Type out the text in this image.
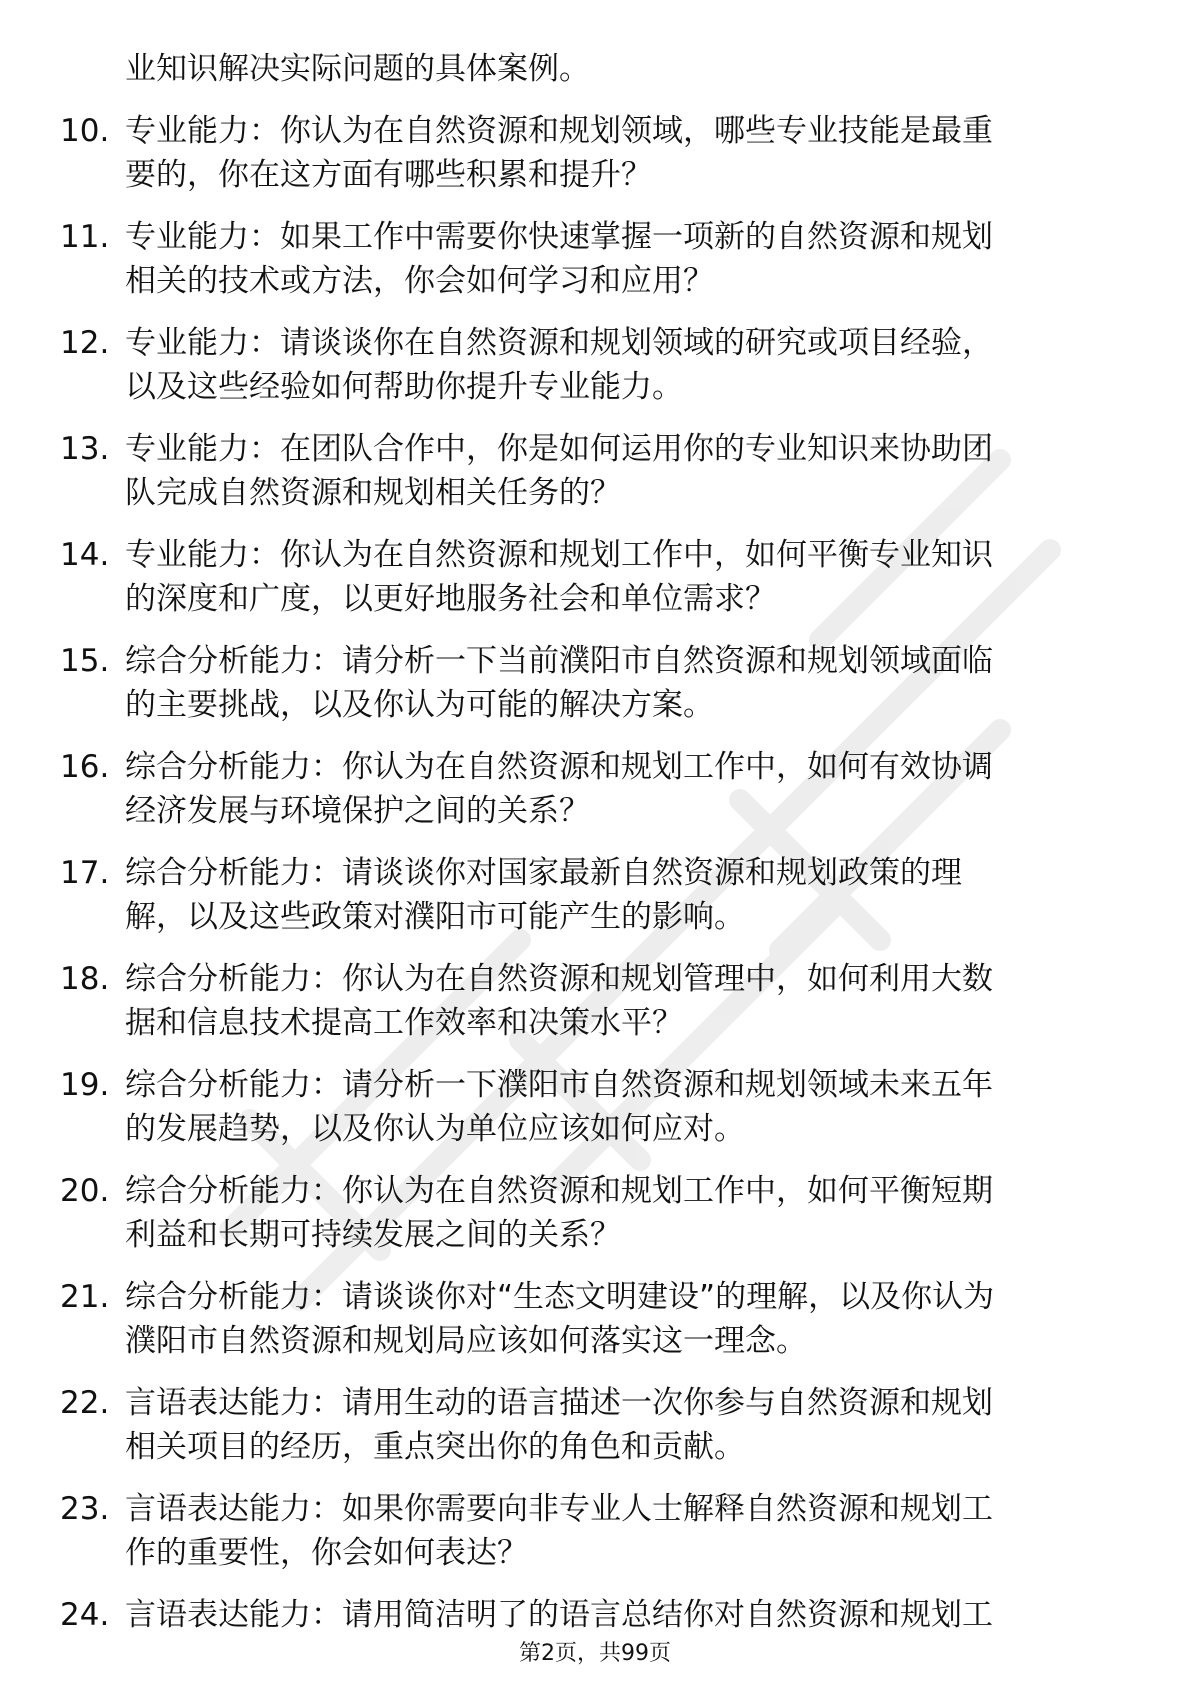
业知识解决实际问题的具体案例。
10. 专业能力：你认为在自然资源和规划领域，哪些专业技能是最重
要的，你在这方面有哪些积累和提升？
11. 专业能力：如果工作中需要你快速掌握一项新的自然资源和规划
相关的技术或方法，你会如何学习和应用？
12. 专业能力：请谈谈你在自然资源和规划领域的研究或项目经验，
以及这些经验如何帮助你提升专业能力。
13. 专业能力：在团队合作中，你是如何运用你的专业知识来协助团
队完成自然资源和规划相关任务的？
14. 专业能力：你认为在自然资源和规划工作中，如何平衡专业知识
的深度和广度，以更好地服务社会和单位需求？
15. 综合分析能力：请分析一下当前濮阳市自然资源和规划领域面临
的主要挑战，以及你认为可能的解决方案。
16. 综合分析能力：你认为在自然资源和规划工作中，如何有效协调
经济发展与环境保护之间的关系？
17. 综合分析能力：请谈谈你对国家最新自然资源和规划政策的理
解，以及这些政策对濮阳市可能产生的影响。
18. 综合分析能力：你认为在自然资源和规划管理中，如何利用大数
据和信息技术提高工作效率和决策水平？
19. 综合分析能力：请分析一下濮阳市自然资源和规划领域未来五年
的发展趋势，以及你认为单位应该如何应对。
20. 综合分析能力：你认为在自然资源和规划工作中，如何平衡短期
利益和长期可持续发展之间的关系？
21. 综合分析能力：请谈谈你对“生态文明建设”的理解，以及你认为
濮阳市自然资源和规划局应该如何落实这一理念。
22. 言语表达能力：请用生动的语言描述一次你参与自然资源和规划
相关项目的经历，重点突出你的角色和贡献。
23. 言语表达能力：如果你需要向非专业人士解释自然资源和规划工
作的重要性，你会如何表达？
24. 言语表达能力：请用简洁明了的语言总结你对自然资源和规划工
第2页，共99页
